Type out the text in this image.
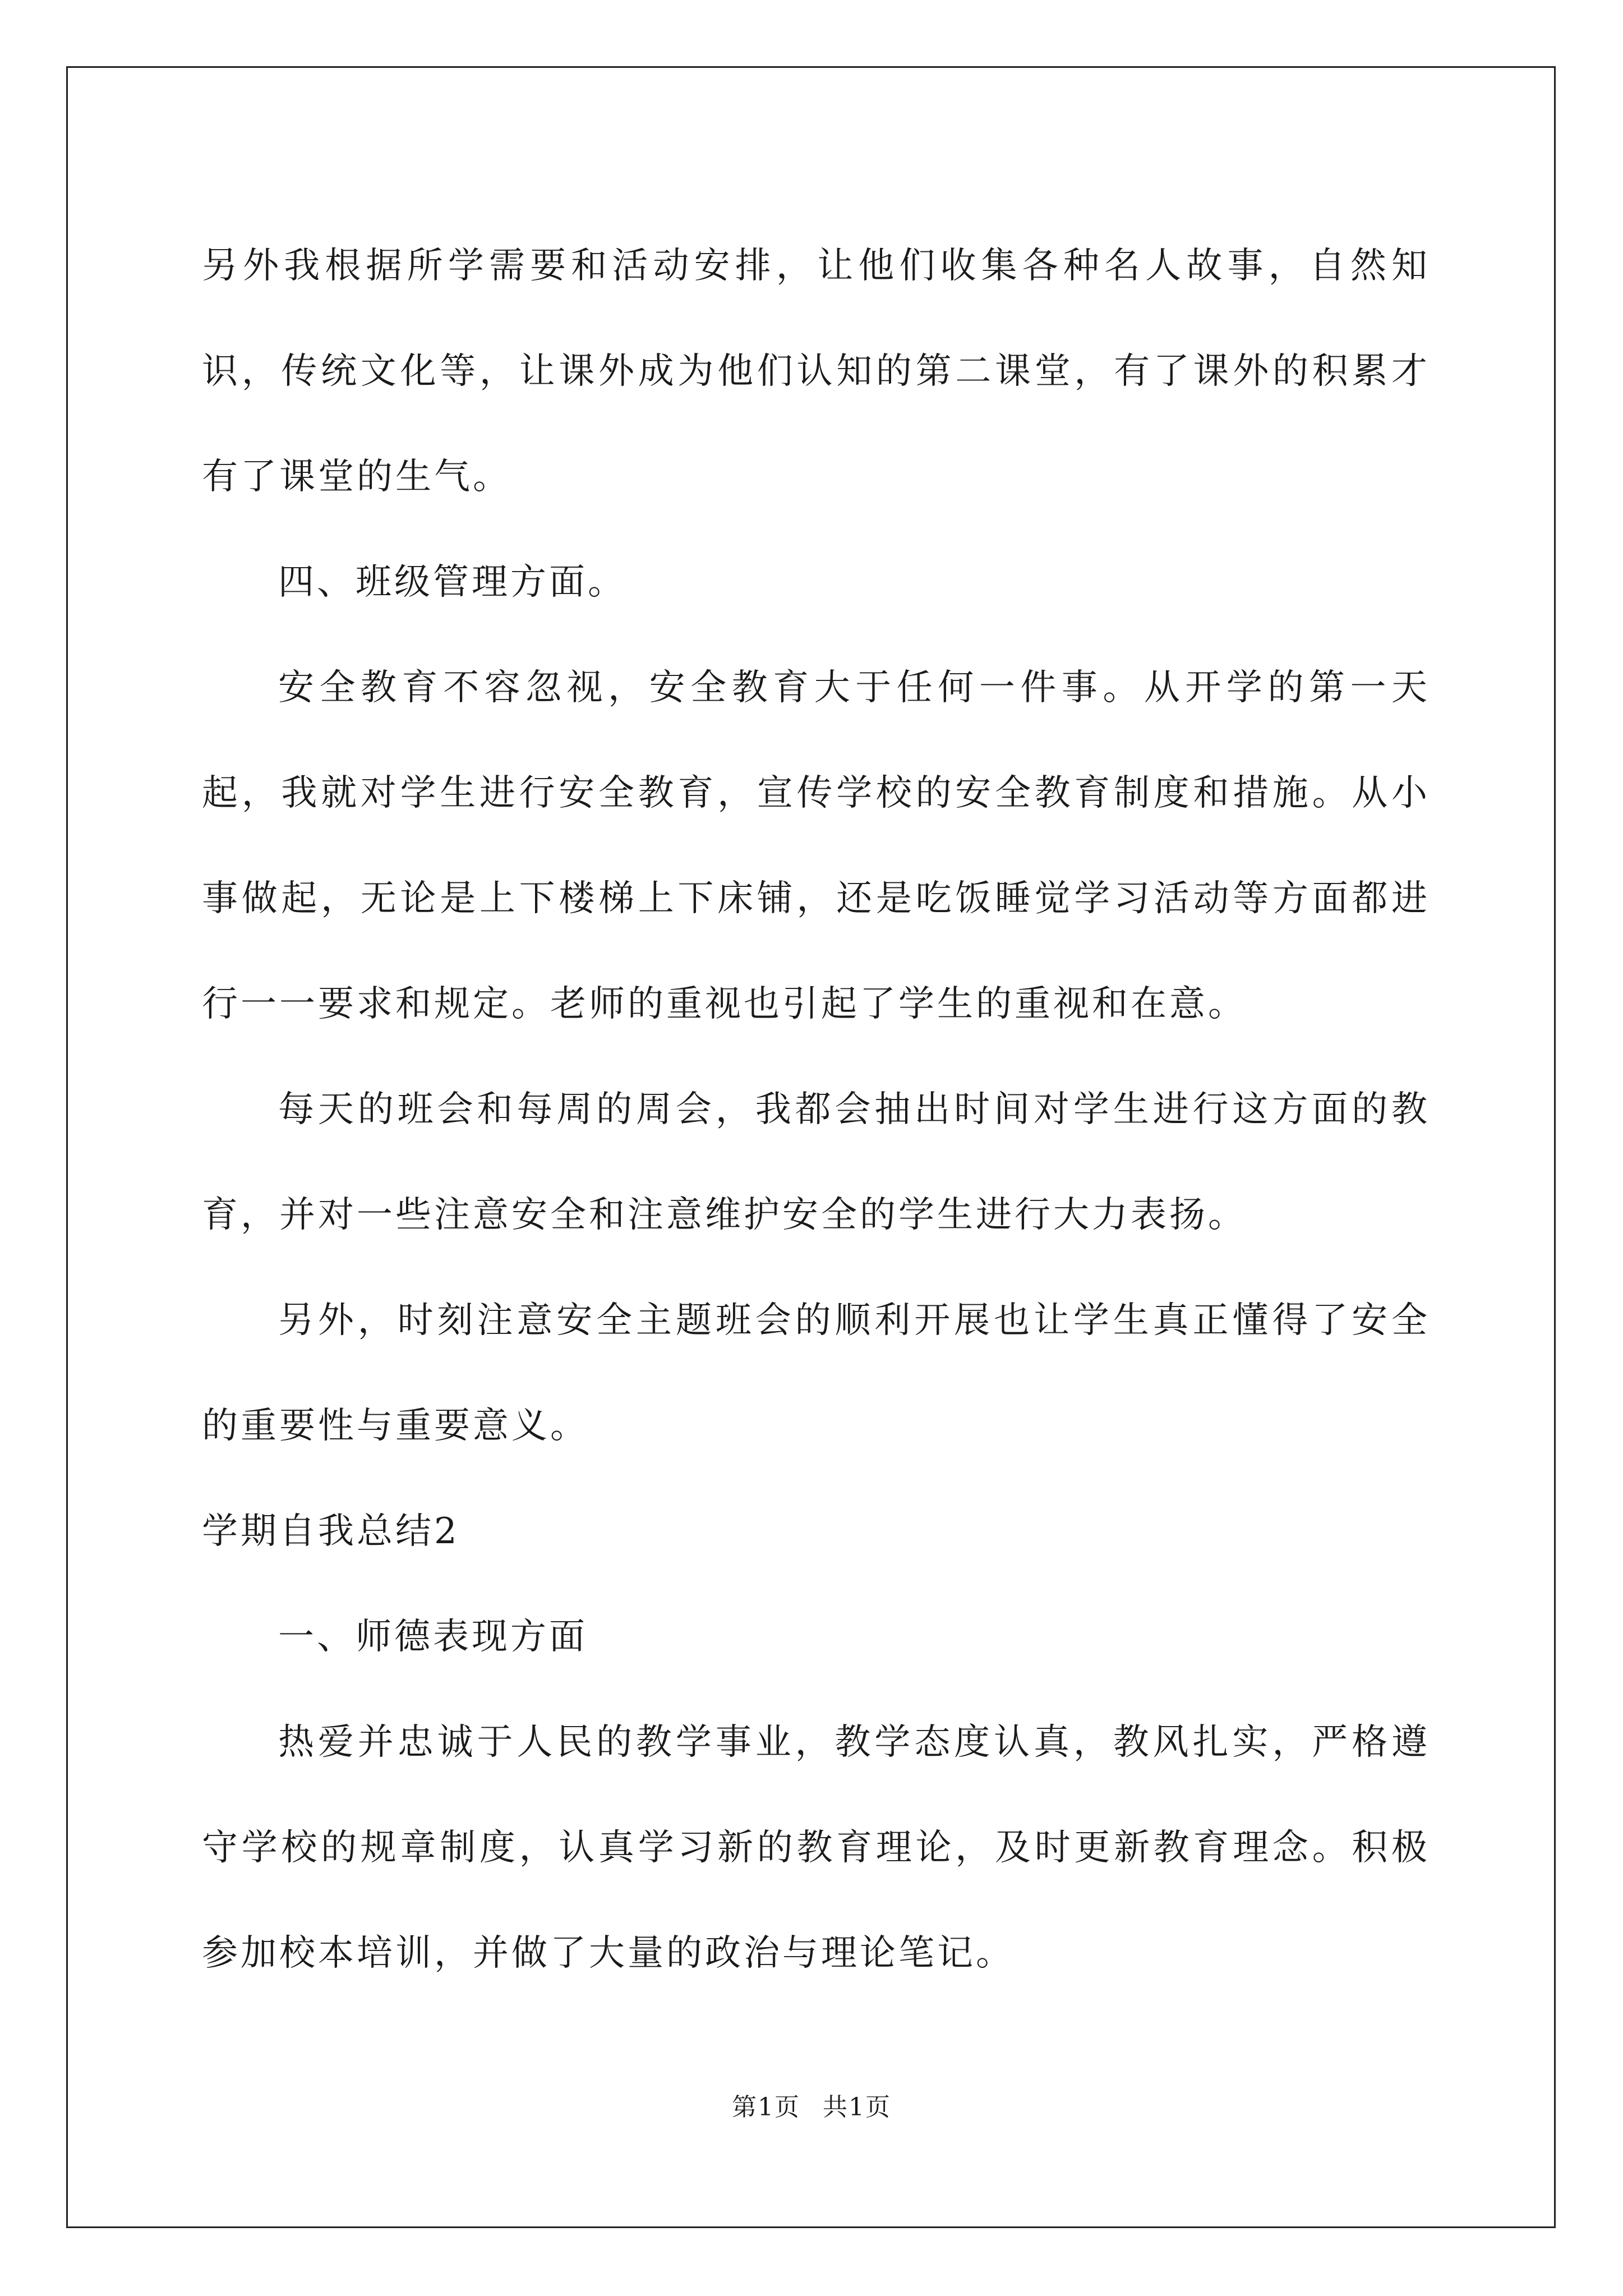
另外我根据所学需要和活动安排，让他们收集各种名人故事，自然知识，传统文化等，让课外成为他们认知的第二课堂，有了课外的积累才有了课堂的生气。

四、班级管理方面。

安全教育不容忽视，安全教育大于任何一件事。从开学的第一天起，我就对学生进行安全教育，宣传学校的安全教育制度和措施。从小事做起，无论是上下楼梯上下床铺，还是吃饭睡觉学习活动等方面都进行一一要求和规定。老师的重视也引起了学生的重视和在意。

每天的班会和每周的周会，我都会抽出时间对学生进行这方面的教育，并对一些注意安全和注意维护安全的学生进行大力表扬。

另外，时刻注意安全主题班会的顺利开展也让学生真正懂得了安全的重要性与重要意义。

学期自我总结2

一、师德表现方面

热爱并忠诚于人民的教学事业，教学态度认真，教风扎实，严格遵守学校的规章制度，认真学习新的教育理论，及时更新教育理念。积极参加校本培训，并做了大量的政治与理论笔记。

第1页 共1页
